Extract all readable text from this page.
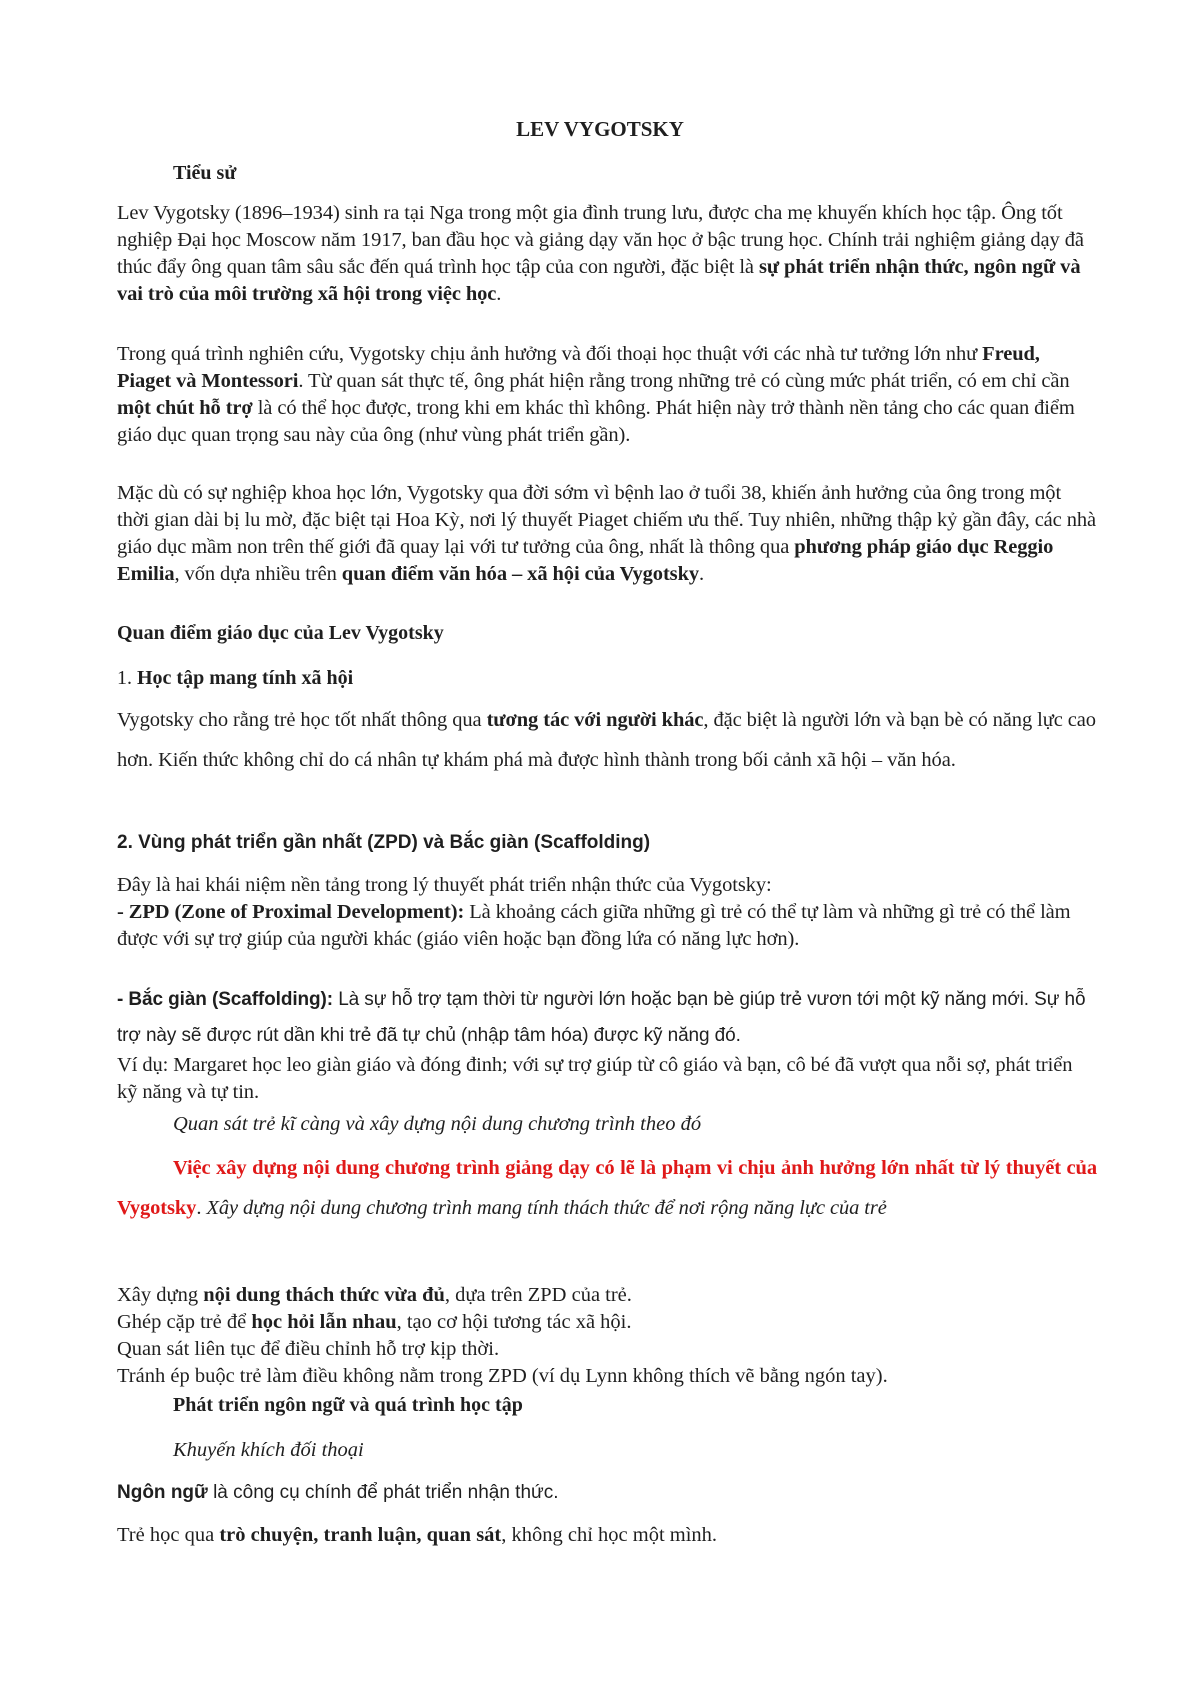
LEV VYGOTSKY
Tiểu sử
Lev Vygotsky (1896–1934) sinh ra tại Nga trong một gia đình trung lưu, được cha mẹ khuyến khích học tập. Ông tốt nghiệp Đại học Moscow năm 1917, ban đầu học và giảng dạy văn học ở bậc trung học. Chính trải nghiệm giảng dạy đã thúc đẩy ông quan tâm sâu sắc đến quá trình học tập của con người, đặc biệt là sự phát triển nhận thức, ngôn ngữ và vai trò của môi trường xã hội trong việc học.
Trong quá trình nghiên cứu, Vygotsky chịu ảnh hưởng và đối thoại học thuật với các nhà tư tưởng lớn như Freud, Piaget và Montessori. Từ quan sát thực tế, ông phát hiện rằng trong những trẻ có cùng mức phát triển, có em chỉ cần một chút hỗ trợ là có thể học được, trong khi em khác thì không. Phát hiện này trở thành nền tảng cho các quan điểm giáo dục quan trọng sau này của ông (như vùng phát triển gần).
Mặc dù có sự nghiệp khoa học lớn, Vygotsky qua đời sớm vì bệnh lao ở tuổi 38, khiến ảnh hưởng của ông trong một thời gian dài bị lu mờ, đặc biệt tại Hoa Kỳ, nơi lý thuyết Piaget chiếm ưu thế. Tuy nhiên, những thập kỷ gần đây, các nhà giáo dục mầm non trên thế giới đã quay lại với tư tưởng của ông, nhất là thông qua phương pháp giáo dục Reggio Emilia, vốn dựa nhiều trên quan điểm văn hóa – xã hội của Vygotsky.
Quan điểm giáo dục của Lev Vygotsky
1. Học tập mang tính xã hội
Vygotsky cho rằng trẻ học tốt nhất thông qua tương tác với người khác, đặc biệt là người lớn và bạn bè có năng lực cao hơn. Kiến thức không chỉ do cá nhân tự khám phá mà được hình thành trong bối cảnh xã hội – văn hóa.
2. Vùng phát triển gần nhất (ZPD) và Bắc giàn (Scaffolding)
Đây là hai khái niệm nền tảng trong lý thuyết phát triển nhận thức của Vygotsky:
- ZPD (Zone of Proximal Development): Là khoảng cách giữa những gì trẻ có thể tự làm và những gì trẻ có thể làm được với sự trợ giúp của người khác (giáo viên hoặc bạn đồng lứa có năng lực hơn).
- Bắc giàn (Scaffolding): Là sự hỗ trợ tạm thời từ người lớn hoặc bạn bè giúp trẻ vươn tới một kỹ năng mới. Sự hỗ trợ này sẽ được rút dần khi trẻ đã tự chủ (nhập tâm hóa) được kỹ năng đó.
Ví dụ: Margaret học leo giàn giáo và đóng đinh; với sự trợ giúp từ cô giáo và bạn, cô bé đã vượt qua nỗi sợ, phát triển kỹ năng và tự tin.
Quan sát trẻ kĩ càng và xây dựng nội dung chương trình theo đó
Việc xây dựng nội dung chương trình giảng dạy có lẽ là phạm vi chịu ảnh hưởng lớn nhất từ lý thuyết của Vygotsky. Xây dựng nội dung chương trình mang tính thách thức để nơi rộng năng lực của trẻ
Xây dựng nội dung thách thức vừa đủ, dựa trên ZPD của trẻ.
Ghép cặp trẻ để học hỏi lẫn nhau, tạo cơ hội tương tác xã hội.
Quan sát liên tục để điều chỉnh hỗ trợ kịp thời.
Tránh ép buộc trẻ làm điều không nằm trong ZPD (ví dụ Lynn không thích vẽ bằng ngón tay).
Phát triển ngôn ngữ và quá trình học tập
Khuyến khích đối thoại
Ngôn ngữ là công cụ chính để phát triển nhận thức.
Trẻ học qua trò chuyện, tranh luận, quan sát, không chỉ học một mình.
